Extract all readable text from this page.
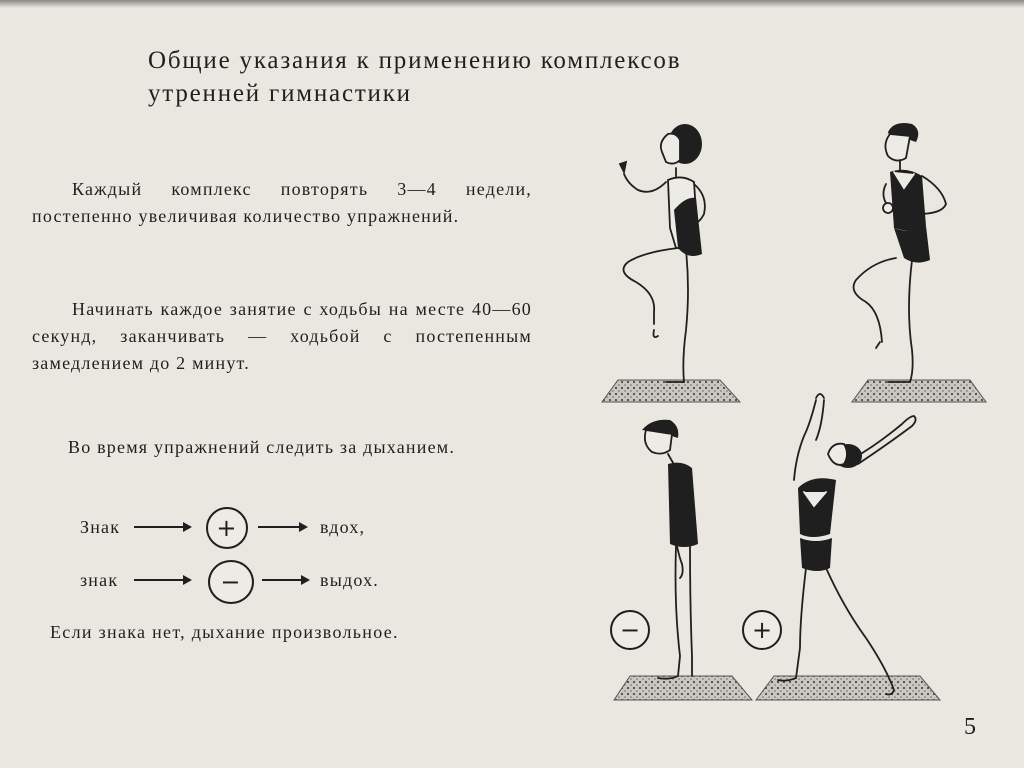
Общие указания к применению комплексов
утренней гимнастики

Каждый комплекс повторять 3—4 недели, постепенно увеличивая количество упражнений.

Начинать каждое занятие с ходьбы на месте 40—60 секунд, заканчивать — ходьбой с постепенным замедлением до 2 минут.

Во время упражнений следить за дыханием.

Знак	+	вдох,
знак	−	выдох.

Если знака нет, дыхание произвольное.	−	+
5
